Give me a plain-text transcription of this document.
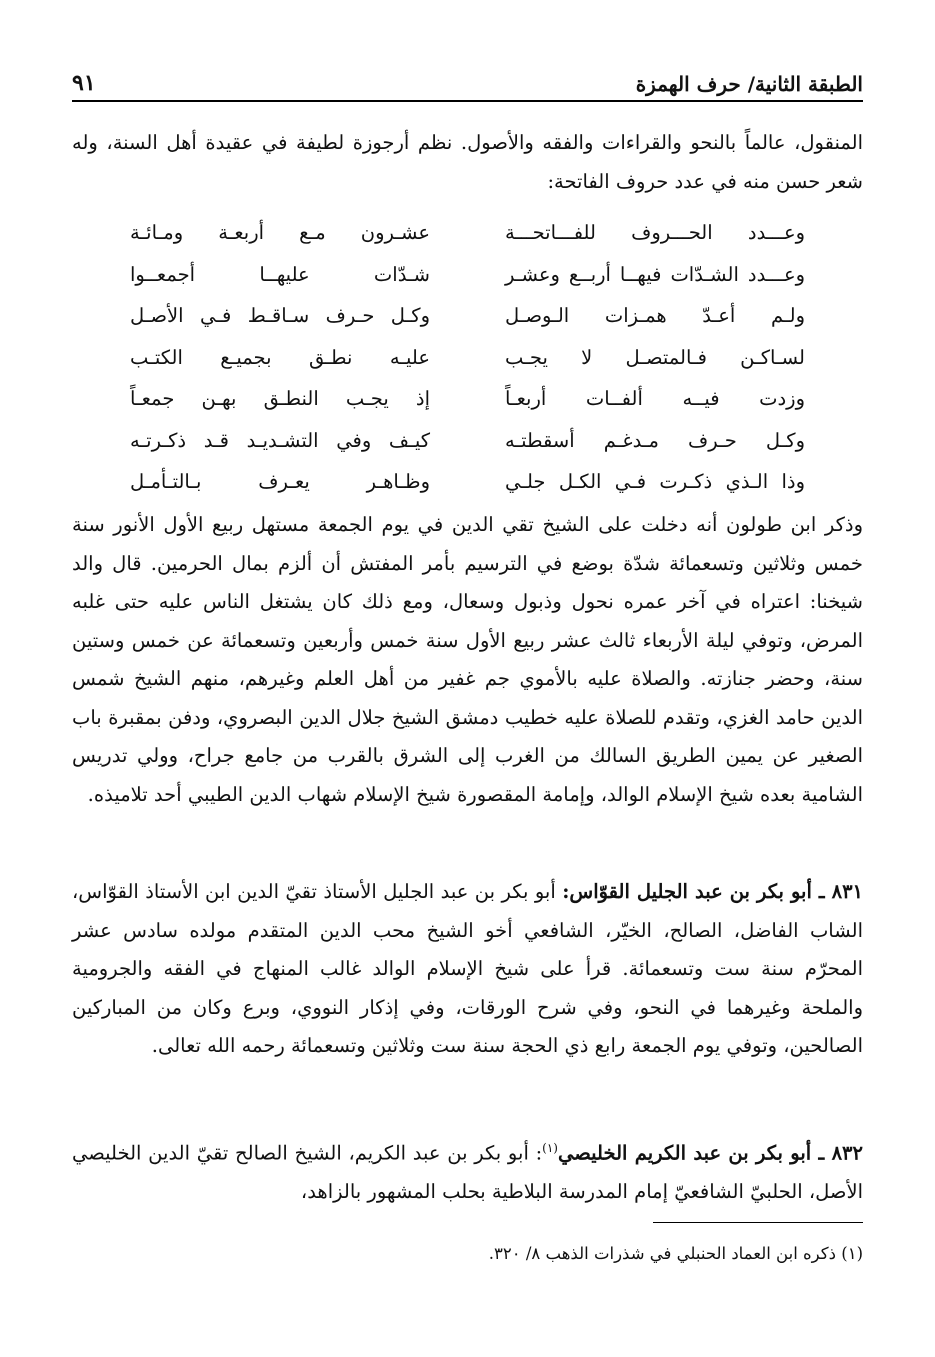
الطبقة الثانية/ حرف الهمزة
٩١
المنقول، عالماً بالنحو والقراءات والفقه والأصول. نظم أرجوزة لطيفة في عقيدة أهل السنة، وله شعر حسن منه في عدد حروف الفاتحة:
وعـــدد الحـــروف للفـــاتحـــة
عشـرون مـع أربعـة ومـائـة
وعـــدد الشـدّات فيهــا أربــع وعشـر
شـدّات عليهــا أجمعــوا
ولـم أعـدّ همـزات الـوصـل
وكـل حـرف سـاقـط فـي الأصـل
لسـاكـن فـالمتصـل لا يجـب
عليـه نطـق بجميـع الكتـب
وزدت فيــه ألفــات أربعـاً
إذ يجـب النطـق بهـن جمعـاً
وكـل حـرف مـدغـم أسقطتـه
كيـف وفي التشـديـد قـد ذكـرتـه
وذا الـذي ذكـرت فـي الكـل جلـي
وظـاهـر يعـرف بـالتـأمـل
وذكر ابن طولون أنه دخلت على الشيخ تقي الدين في يوم الجمعة مستهل ربيع الأول الأنور سنة خمس وثلاثين وتسعمائة شدّة بوضع في الترسيم بأمر المفتش أن ألزم بمال الحرمين. قال والد شيخنا: اعتراه في آخر عمره نحول وذبول وسعال، ومع ذلك كان يشتغل الناس عليه حتى غلبه المرض، وتوفي ليلة الأربعاء ثالث عشر ربيع الأول سنة خمس وأربعين وتسعمائة عن خمس وستين سنة، وحضر جنازته. والصلاة عليه بالأموي جم غفير من أهل العلم وغيرهم، منهم الشيخ شمس الدين حامد الغزي، وتقدم للصلاة عليه خطيب دمشق الشيخ جلال الدين البصروي، ودفن بمقبرة باب الصغير عن يمين الطريق السالك من الغرب إلى الشرق بالقرب من جامع جراح، وولي تدريس الشامية بعده شيخ الإسلام الوالد، وإمامة المقصورة شيخ الإسلام شهاب الدين الطيبي أحد تلاميذه.
٨٣١ ـ أبو بكر بن عبد الجليل القوّاس: أبو بكر بن عبد الجليل الأستاذ تقيّ الدين ابن الأستاذ القوّاس، الشاب الفاضل، الصالح، الخيّر، الشافعي أخو الشيخ محب الدين المتقدم مولده سادس عشر المحرّم سنة ست وتسعمائة. قرأ على شيخ الإسلام الوالد غالب المنهاج في الفقه والجرومية والملحة وغيرهما في النحو، وفي شرح الورقات، وفي إذكار النووي، وبرع وكان من المباركين الصالحين، وتوفي يوم الجمعة رابع ذي الحجة سنة ست وثلاثين وتسعمائة رحمه الله تعالى.
٨٣٢ ـ أبو بكر بن عبد الكريم الخليصي$^{(١)}$: أبو بكر بن عبد الكريم، الشيخ الصالح تقيّ الدين الخليصي الأصل، الحلبيّ الشافعيّ إمام المدرسة البلاطية بحلب المشهور بالزاهد،
(١) ذكره ابن العماد الحنبلي في شذرات الذهب ٨/ ٣٢٠.
